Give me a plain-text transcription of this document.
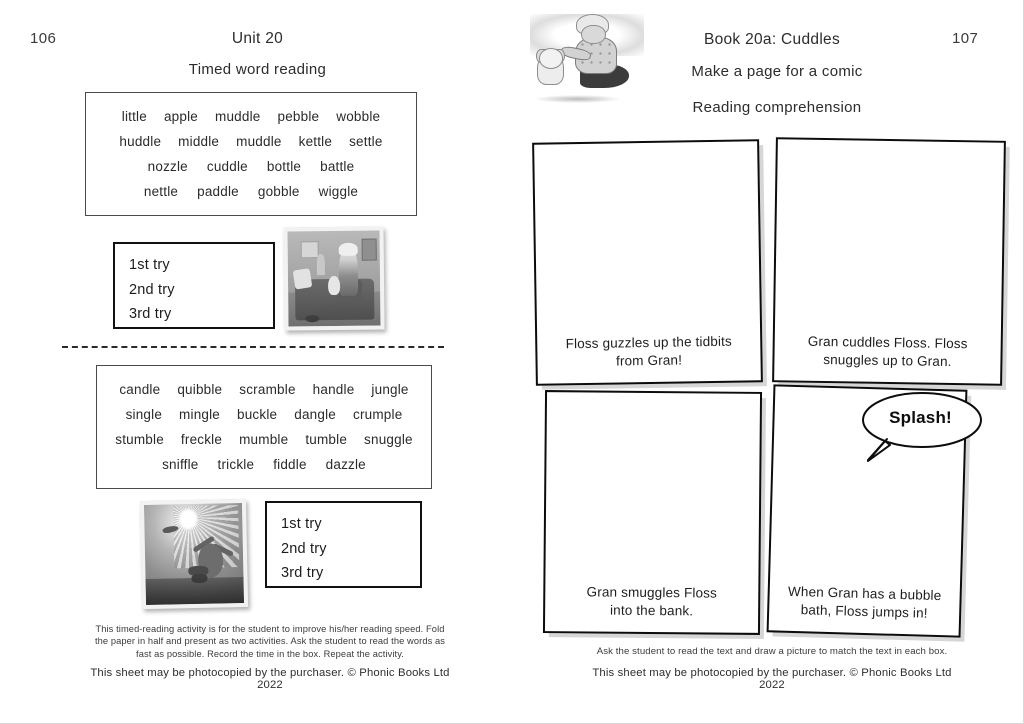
106	Unit 20
Timed word reading
little apple muddle pebble wobble
huddle middle muddle kettle settle
nozzle cuddle bottle battle
nettle paddle gobble wiggle
1st try
2nd try
3rd try
candle quibble scramble handle jungle
single mingle buckle dangle crumple
stumble freckle mumble tumble snuggle
sniffle trickle fiddle dazzle
1st try
2nd try
3rd try
This timed-reading activity is for the student to improve his/her reading speed. Fold the paper in half and present as two activities. Ask the student to read the words as fast as possible. Record the time in the box. Repeat the activity.
This sheet may be photocopied by the purchaser. © Phonic Books Ltd 2022
Book 20a: Cuddles	107
Make a page for a comic
Reading comprehension
Floss guzzles up the tidbits
from Gran!
Gran cuddles Floss. Floss
snuggles up to Gran.
Gran smuggles Floss
into the bank.
When Gran has a bubble
bath, Floss jumps in!
Splash!
Ask the student to read the text and draw a picture to match the text in each box.
This sheet may be photocopied by the purchaser. © Phonic Books Ltd 2022
